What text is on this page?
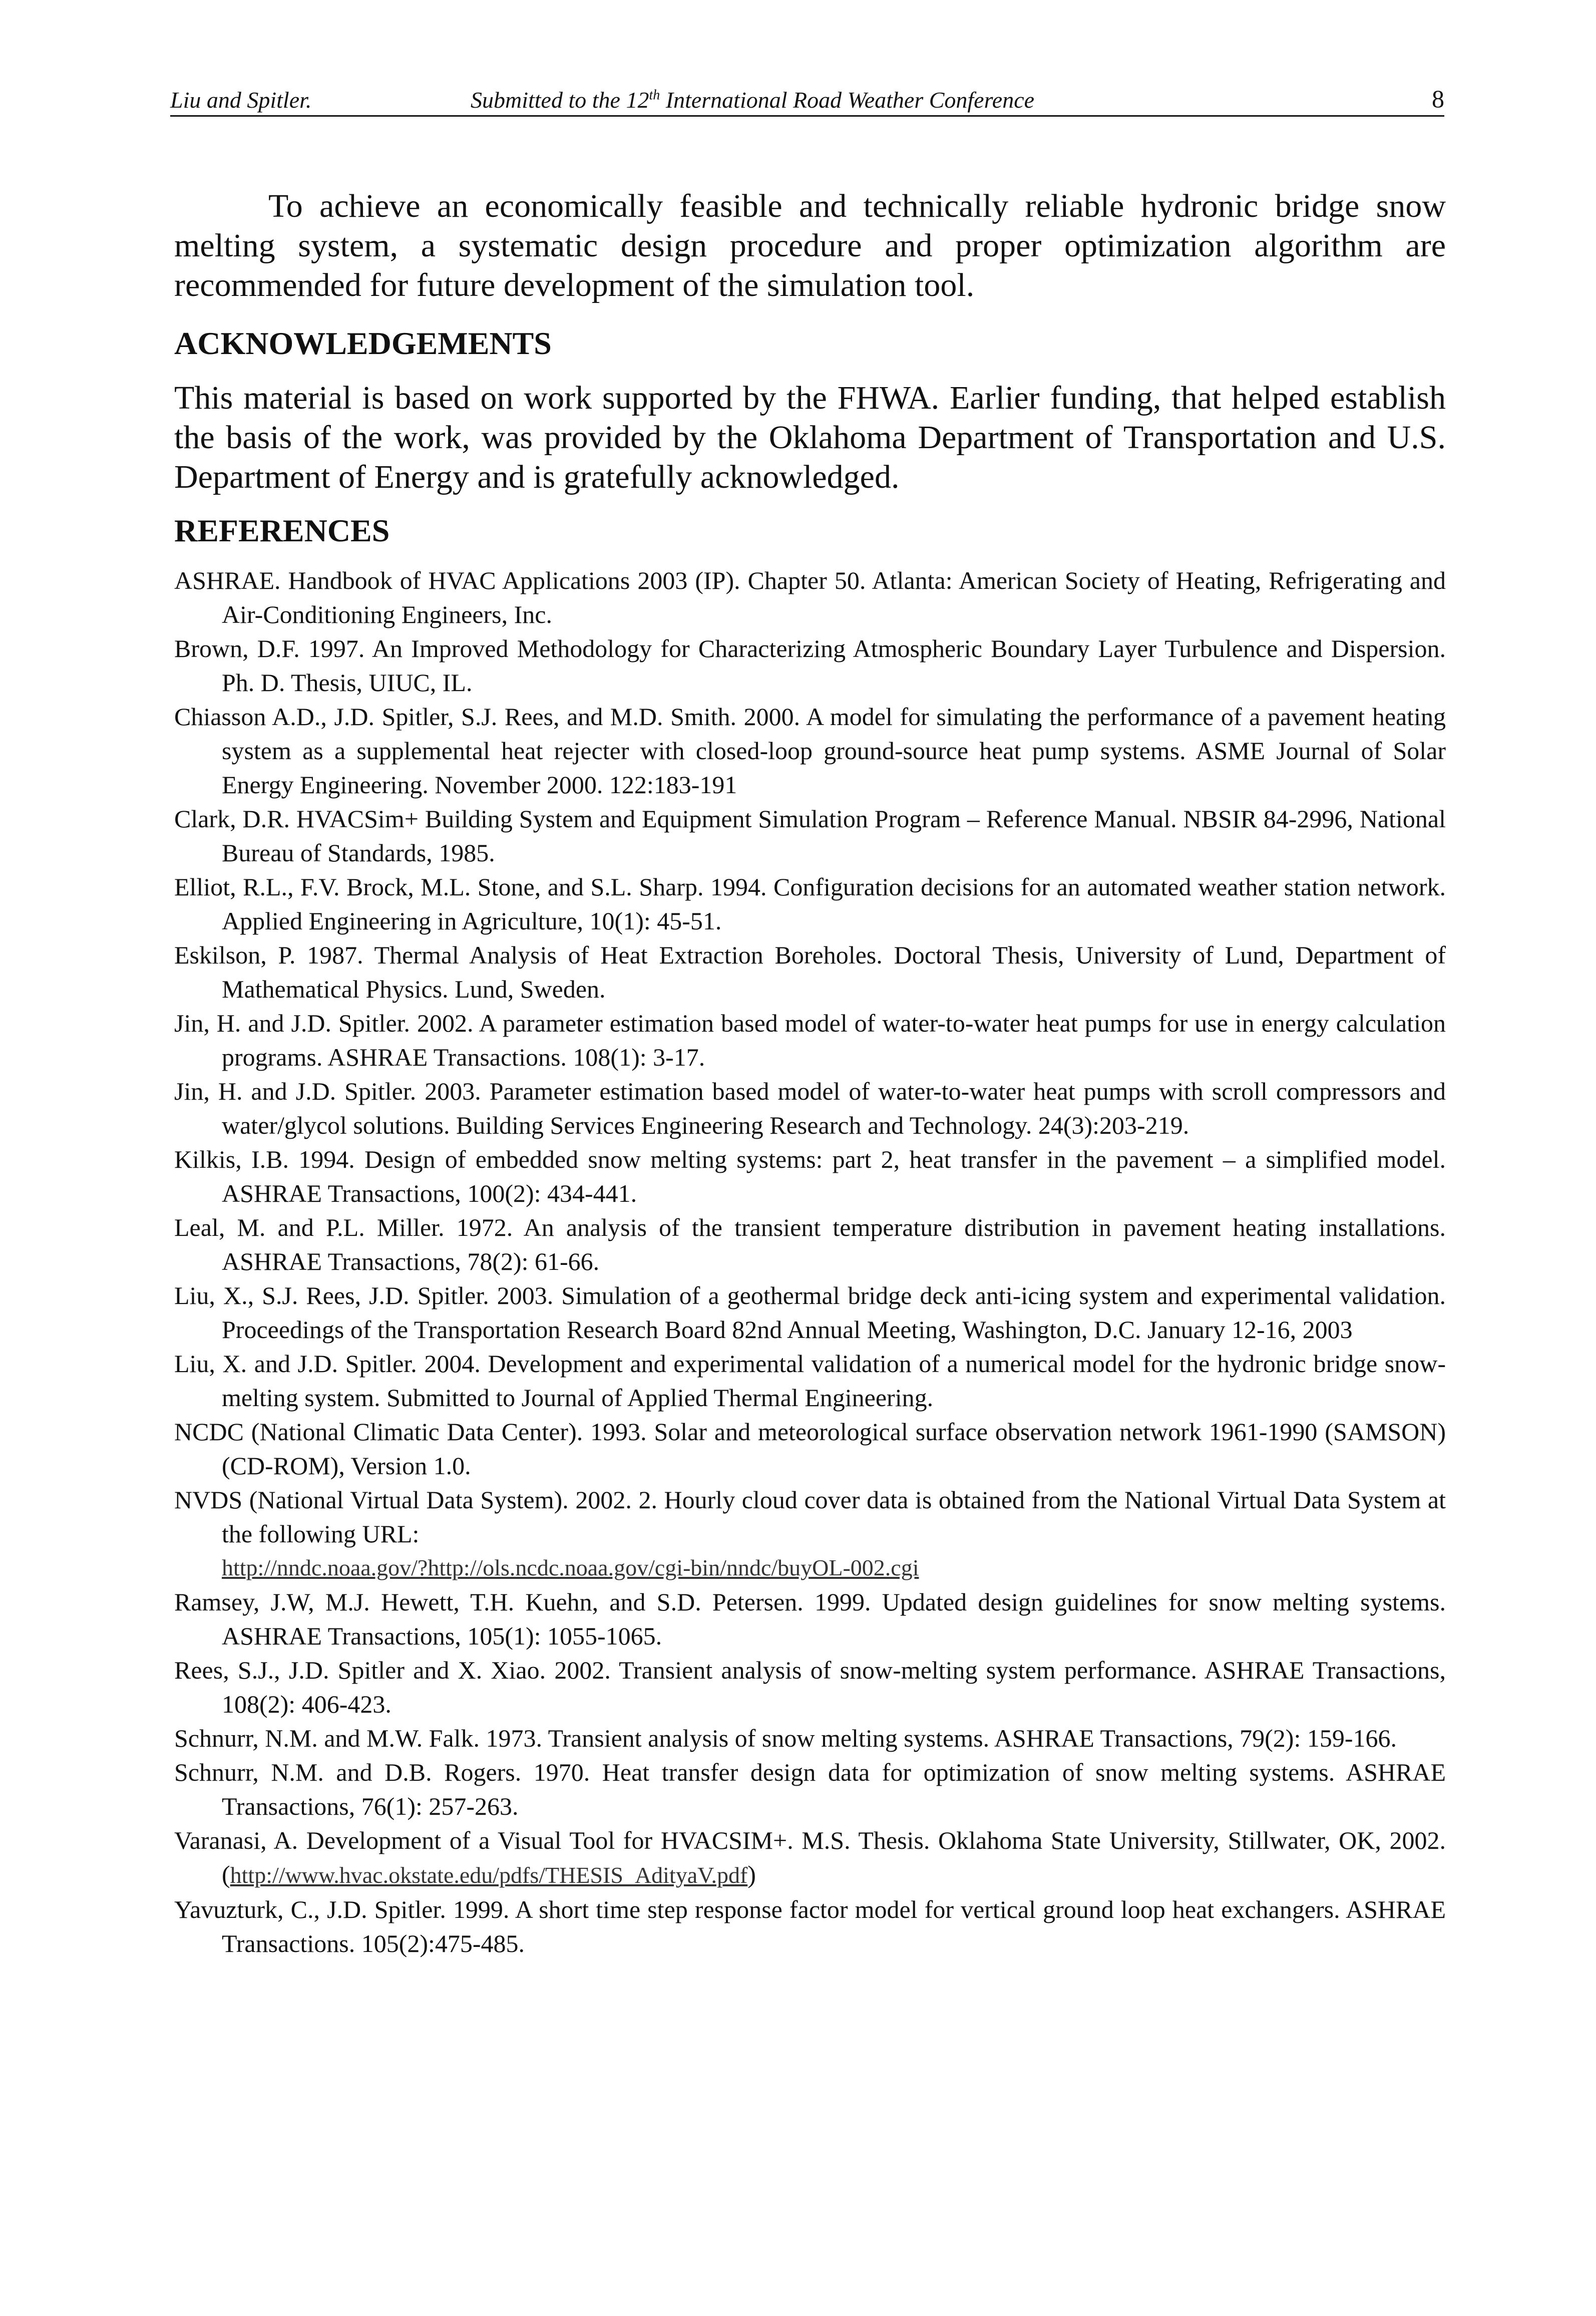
Liu and Spitler.	Submitted to the 12th International Road Weather Conference	8

To achieve an economically feasible and technically reliable hydronic bridge snow melting system, a systematic design procedure and proper optimization algorithm are recommended for future development of the simulation tool.

ACKNOWLEDGEMENTS

This material is based on work supported by the FHWA. Earlier funding, that helped establish the basis of the work, was provided by the Oklahoma Department of Transportation and U.S. Department of Energy and is gratefully acknowledged.

REFERENCES
ASHRAE. Handbook of HVAC Applications 2003 (IP). Chapter 50. Atlanta: American Society of Heating, Refrigerating and Air-Conditioning Engineers, Inc.
Brown, D.F. 1997. An Improved Methodology for Characterizing Atmospheric Boundary Layer Turbulence and Dispersion. Ph. D. Thesis, UIUC, IL.
Chiasson A.D., J.D. Spitler, S.J. Rees, and M.D. Smith. 2000. A model for simulating the performance of a pavement heating system as a supplemental heat rejecter with closed-loop ground-source heat pump systems. ASME Journal of Solar Energy Engineering. November 2000. 122:183-191
Clark, D.R. HVACSim+ Building System and Equipment Simulation Program – Reference Manual. NBSIR 84-2996, National Bureau of Standards, 1985.
Elliot, R.L., F.V. Brock, M.L. Stone, and S.L. Sharp. 1994. Configuration decisions for an automated weather station network. Applied Engineering in Agriculture, 10(1): 45-51.
Eskilson, P. 1987. Thermal Analysis of Heat Extraction Boreholes. Doctoral Thesis, University of Lund, Department of Mathematical Physics. Lund, Sweden.
Jin, H. and J.D. Spitler. 2002. A parameter estimation based model of water-to-water heat pumps for use in energy calculation programs. ASHRAE Transactions. 108(1): 3-17.
Jin, H. and J.D. Spitler. 2003. Parameter estimation based model of water-to-water heat pumps with scroll compressors and water/glycol solutions. Building Services Engineering Research and Technology. 24(3):203-219.
Kilkis, I.B. 1994. Design of embedded snow melting systems: part 2, heat transfer in the pavement – a simplified model. ASHRAE Transactions, 100(2): 434-441.
Leal, M. and P.L. Miller. 1972. An analysis of the transient temperature distribution in pavement heating installations. ASHRAE Transactions, 78(2): 61-66.
Liu, X., S.J. Rees, J.D. Spitler. 2003. Simulation of a geothermal bridge deck anti-icing system and experimental validation. Proceedings of the Transportation Research Board 82nd Annual Meeting, Washington, D.C. January 12-16, 2003
Liu, X. and J.D. Spitler. 2004. Development and experimental validation of a numerical model for the hydronic bridge snow-melting system. Submitted to Journal of Applied Thermal Engineering.
NCDC (National Climatic Data Center). 1993. Solar and meteorological surface observation network 1961-1990 (SAMSON) (CD-ROM), Version 1.0.
NVDS (National Virtual Data System). 2002. 2. Hourly cloud cover data is obtained from the National Virtual Data System at the following URL:
http://nndc.noaa.gov/?http://ols.ncdc.noaa.gov/cgi-bin/nndc/buyOL-002.cgi
Ramsey, J.W, M.J. Hewett, T.H. Kuehn, and S.D. Petersen. 1999. Updated design guidelines for snow melting systems. ASHRAE Transactions, 105(1): 1055-1065.
Rees, S.J., J.D. Spitler and X. Xiao. 2002. Transient analysis of snow-melting system performance. ASHRAE Transactions, 108(2): 406-423.
Schnurr, N.M. and M.W. Falk. 1973. Transient analysis of snow melting systems. ASHRAE Transactions, 79(2): 159-166.
Schnurr, N.M. and D.B. Rogers. 1970. Heat transfer design data for optimization of snow melting systems. ASHRAE Transactions, 76(1): 257-263.
Varanasi, A. Development of a Visual Tool for HVACSIM+. M.S. Thesis. Oklahoma State University, Stillwater, OK, 2002. (http://www.hvac.okstate.edu/pdfs/THESIS_AdityaV.pdf)
Yavuzturk, C., J.D. Spitler. 1999. A short time step response factor model for vertical ground loop heat exchangers. ASHRAE Transactions. 105(2):475-485.
